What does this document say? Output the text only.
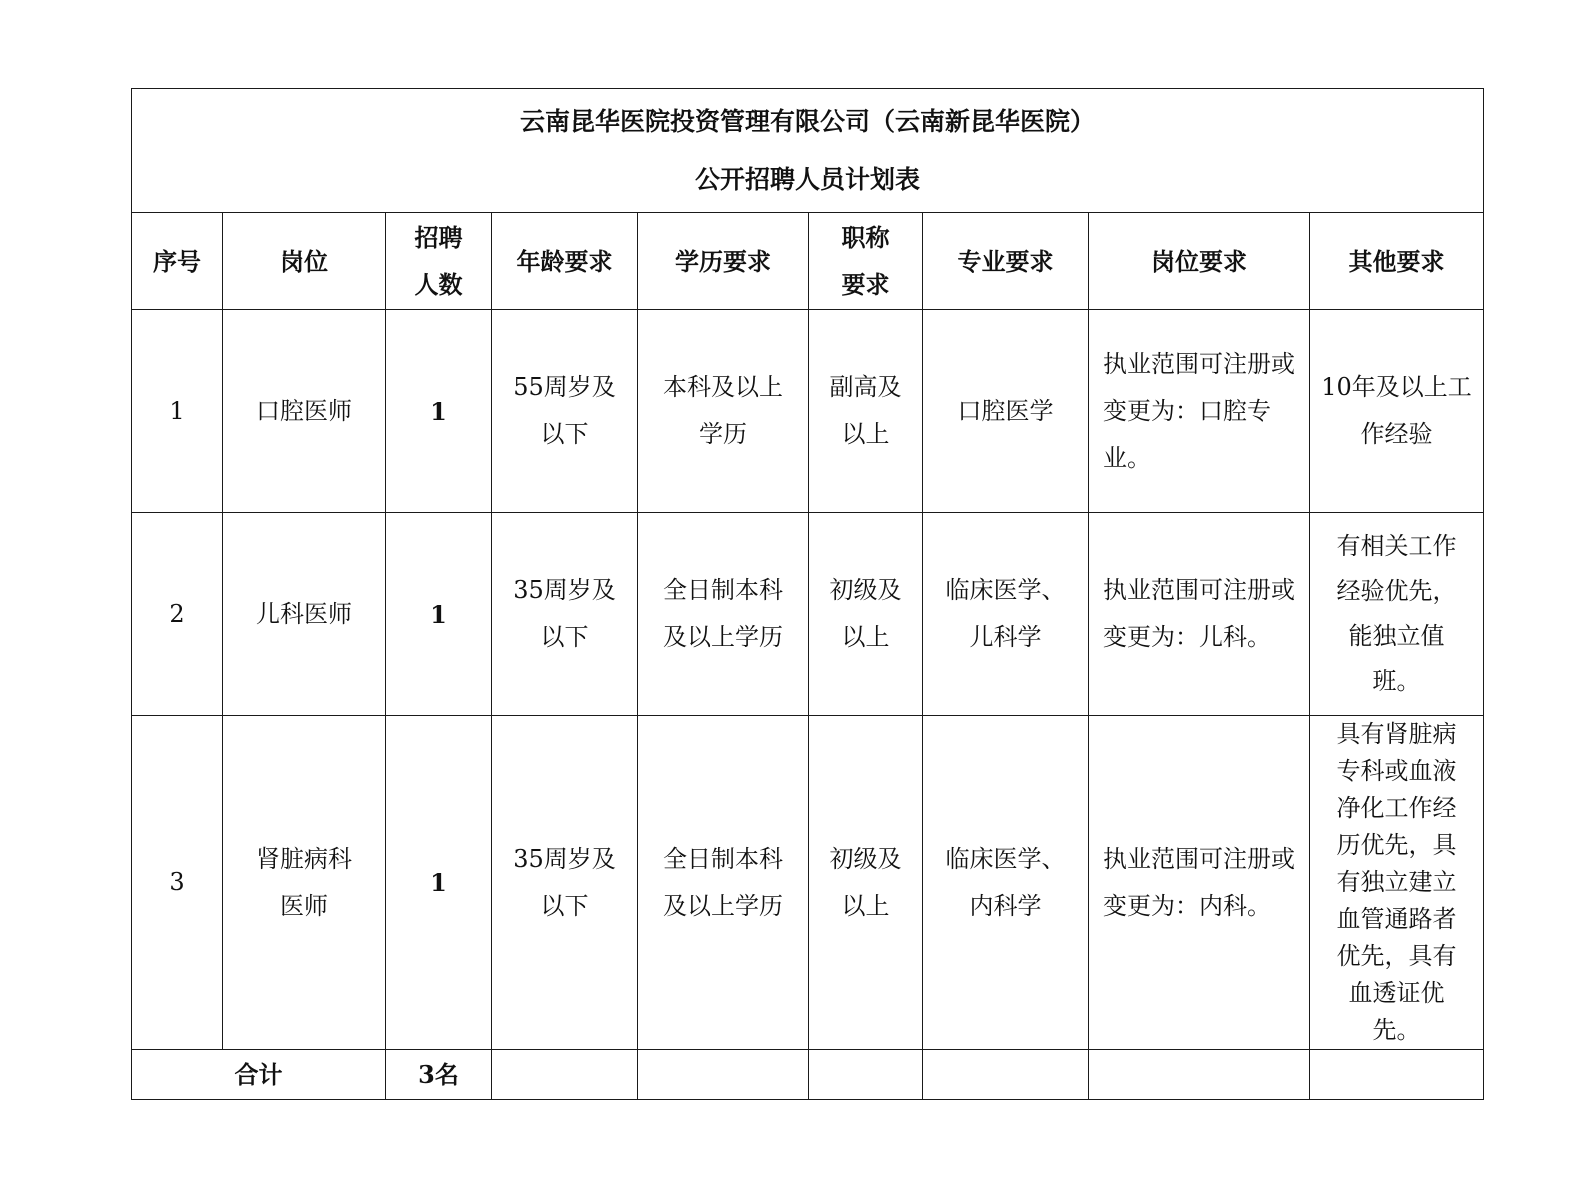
云南昆华医院投资管理有限公司（云南新昆华医院）
公开招聘人员计划表								

序号	岗位	招聘人数	年龄要求	学历要求	职称要求	专业要求	岗位要求	其他要求
1	口腔医师	1	55周岁及以下	本科及以上学历	副高及以上	口腔医学	执业范围可注册或变更为：口腔专业。	10年及以上工作经验
2	儿科医师	1	35周岁及以下	全日制本科及以上学历	初级及以上	临床医学、儿科学	执业范围可注册或变更为：儿科。	有相关工作经验优先，能独立值班。
3	肾脏病科医师	1	35周岁及以下	全日制本科及以上学历	初级及以上	临床医学、内科学	执业范围可注册或变更为：内科。	具有肾脏病专科或血液净化工作经历优先，具有独立建立血管通路者优先，具有血透证优先。
合计		3名						
